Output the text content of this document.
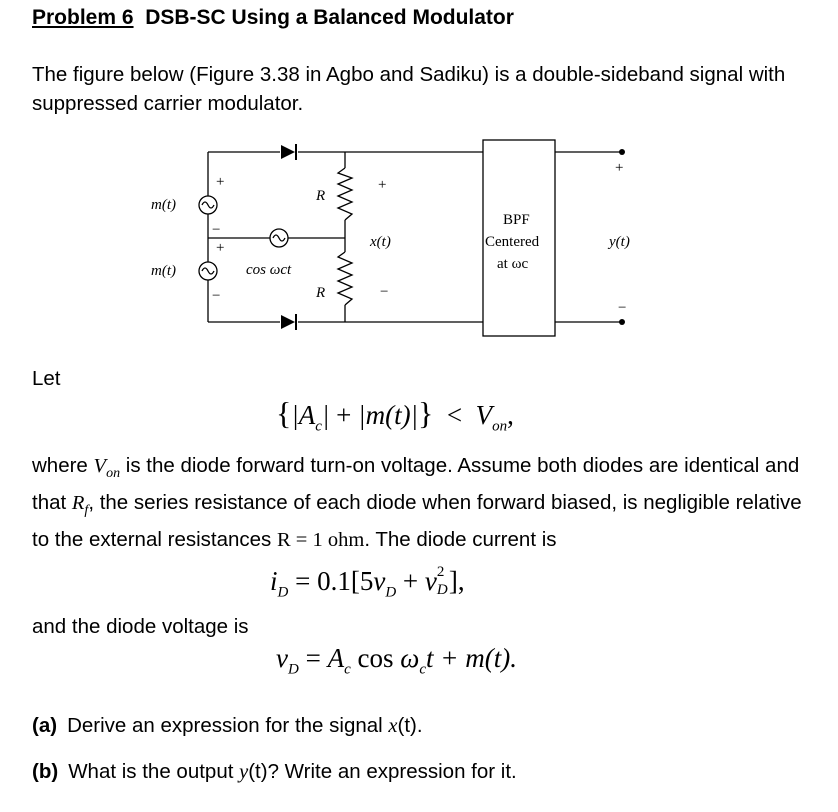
Problem 6 DSB-SC Using a Balanced Modulator
The figure below (Figure 3.38 in Agbo and Sadiku) is a double-sideband signal with suppressed carrier modulator.
m(t)
m(t)
+
+
−
−
cos ωct
R
R
+
−
x(t)
BPF
Centered
at ωc
+
−
y(t)
Let
$\{|A_c| + |m(t)|\} < V_{on}$,
where $V_{on}$ is the diode forward turn-on voltage. Assume both diodes are identical and that $R_f$, the series resistance of each diode when forward biased, is negligible relative to the external resistances R = 1 ohm. The diode current is
$i_D = 0.1[5v_D + v$ 2
D ],
and the diode voltage is
$v_D = A_c$ $\cos \omega_ct + m(t)$.
(a) Derive an expression for the signal x(t).
(b) What is the output y(t)? Write an expression for it.
